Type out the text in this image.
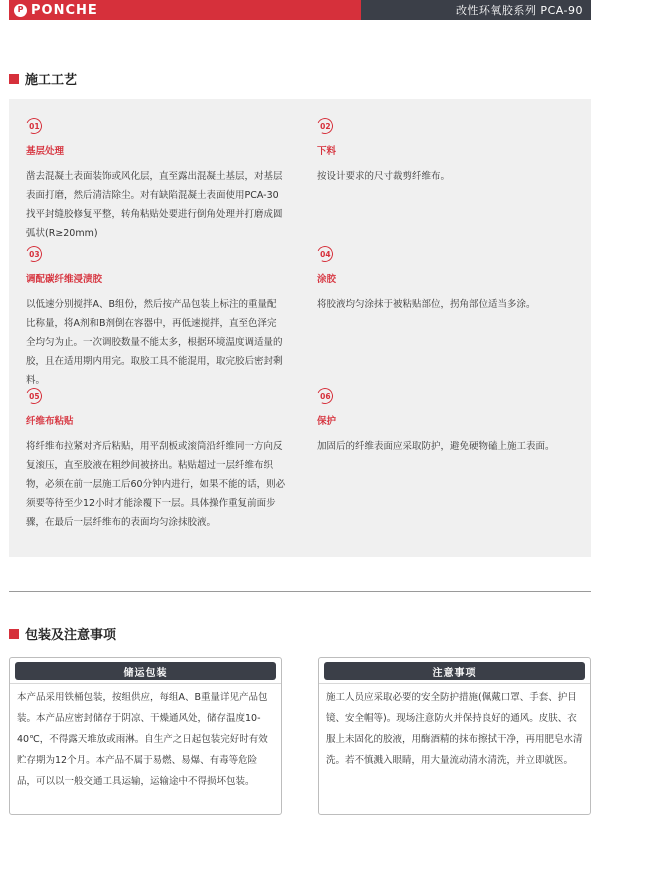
P PONCHE	改性环氧胶系列 PCA-90
施工工艺
01
基层处理
凿去混凝土表面装饰或风化层，直至露出混凝土基层，对基层表面打磨，然后清洁除尘。对有缺陷混凝土表面使用PCA-30找平封缝胶修复平整，转角粘贴处要进行倒角处理并打磨成圆弧状(R≥20mm)
02
下料
按设计要求的尺寸裁剪纤维布。
03
调配碳纤维浸渍胶
以低速分别搅拌A、B组份，然后按产品包装上标注的重量配比称量，将A剂和B剂倒在容器中，再低速搅拌，直至色泽完全均匀为止。一次调胶数量不能太多，根据环境温度调适量的胶，且在适用期内用完。取胶工具不能混用，取完胶后密封剩料。
04
涂胶
将胶液均匀涂抹于被粘贴部位，拐角部位适当多涂。
05
纤维布粘贴
将纤维布拉紧对齐后粘贴，用平刮板或滚筒沿纤维同一方向反复滚压，直至胶液在粗纱间被挤出。粘贴超过一层纤维布织物，必须在前一层施工后60分钟内进行，如果不能的话，则必须要等待至少12小时才能涂覆下一层。具体操作重复前面步骤，在最后一层纤维布的表面均匀涂抹胶液。
06
保护
加固后的纤维表面应采取防护，避免硬物磕上施工表面。
包装及注意事项
储运包装
本产品采用铁桶包装，按组供应，每组A、B重量详见产品包装。本产品应密封储存于阴凉、干燥通风处，储存温度10-40℃，不得露天堆放或雨淋。自生产之日起包装完好时有效贮存期为12个月。本产品不属于易燃、易爆、有毒等危险品，可以以一般交通工具运输，运输途中不得损坏包装。
注意事项
施工人员应采取必要的安全防护措施(佩戴口罩、手套、护目镜、安全帽等)。现场注意防火并保持良好的通风。皮肤、衣服上未固化的胶液，用酶酒精的抹布擦拭干净，再用肥皂水清洗。若不慎溅入眼睛，用大量流动清水清洗，并立即就医。
